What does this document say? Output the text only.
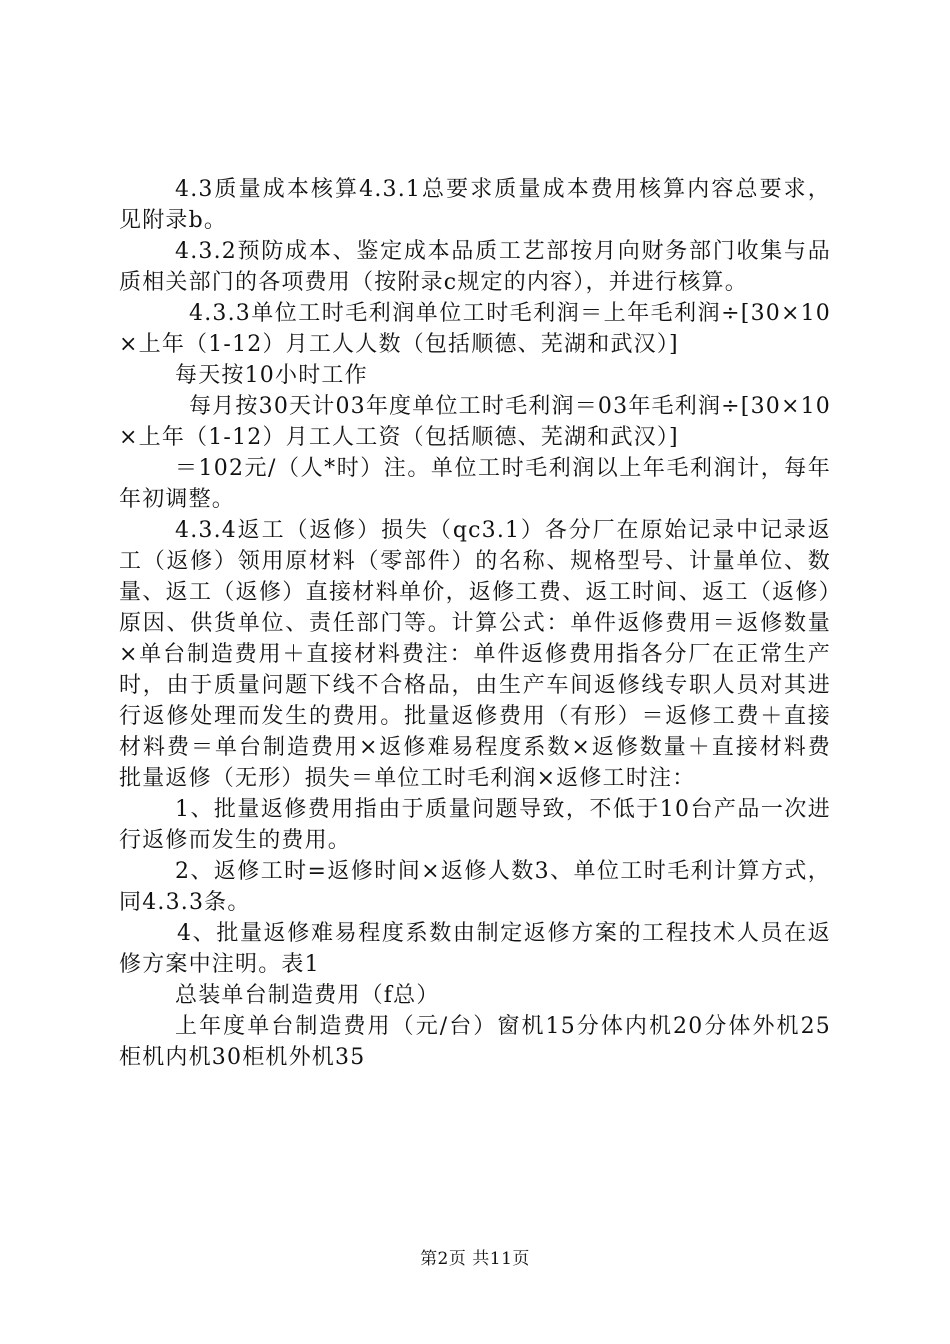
4.3质量成本核算4.3.1总要求质量成本费用核算内容总要求，见附录b。

4.3.2预防成本、鉴定成本品质工艺部按月向财务部门收集与品质相关部门的各项费用（按附录c规定的内容），并进行核算。

4.3.3单位工时毛利润单位工时毛利润＝上年毛利润÷[30×10×上年（1-12）月工人人数（包括顺德、芜湖和武汉）]

每天按10小时工作

每月按30天计03年度单位工时毛利润＝03年毛利润÷[30×10×上年（1-12）月工人工资（包括顺德、芜湖和武汉）]

＝102元/（人*时）注。单位工时毛利润以上年毛利润计，每年年初调整。

4.3.4返工（返修）损失（qc3.1）各分厂在原始记录中记录返工（返修）领用原材料（零部件）的名称、规格型号、计量单位、数量、返工（返修）直接材料单价，返修工费、返工时间、返工（返修）原因、供货单位、责任部门等。计算公式：单件返修费用＝返修数量×单台制造费用＋直接材料费注：单件返修费用指各分厂在正常生产时，由于质量问题下线不合格品，由生产车间返修线专职人员对其进行返修处理而发生的费用。批量返修费用（有形）＝返修工费＋直接材料费＝单台制造费用×返修难易程度系数×返修数量＋直接材料费批量返修（无形）损失＝单位工时毛利润×返修工时注：

1、批量返修费用指由于质量问题导致，不低于10台产品一次进行返修而发生的费用。

2、返修工时=返修时间×返修人数3、单位工时毛利计算方式，同4.3.3条。

4、批量返修难易程度系数由制定返修方案的工程技术人员在返修方案中注明。表1

总装单台制造费用（f总）

上年度单台制造费用（元/台）窗机15分体内机20分体外机25柜机内机30柜机外机35

第2页 共11页
